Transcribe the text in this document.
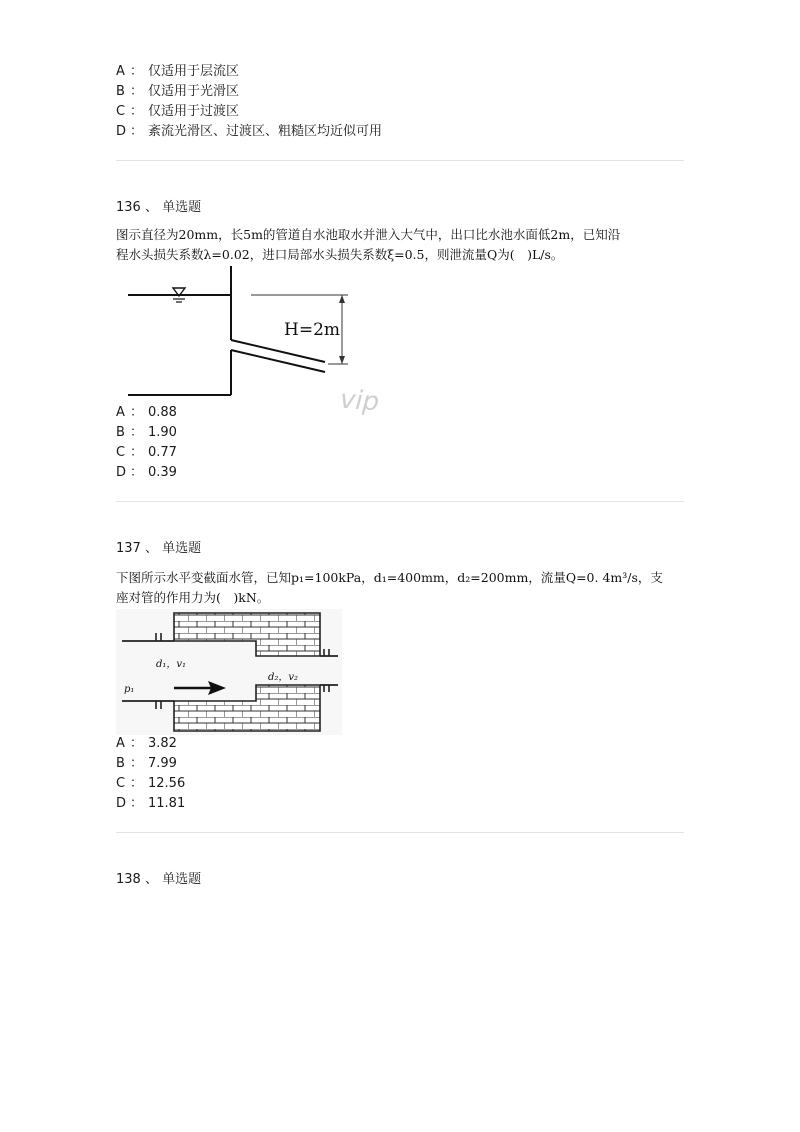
A ： 仅适用于层流区
B ： 仅适用于光滑区
C ： 仅适用于过渡区
D ： 紊流光滑区、过渡区、粗糙区均近似可用
136 、 单选题
图示直径为20mm，长5m的管道自水池取水并泄入大气中，出口比水池水面低2m，已知沿
程水头损失系数λ=0.02，进口局部水头损失系数ξ=0.5，则泄流量Q为(　)L/s。
H=2m
vip
A ： 0.88
B ： 1.90
C ： 0.77
D ： 0.39
137 、 单选题
下图所示水平变截面水管，已知p₁=100kPa，d₁=400mm，d₂=200mm，流量Q=0. 4m³/s，支
座对管的作用力为(　)kN。
d₁，v₁
p₁
d₂，v₂
A ： 3.82
B ： 7.99
C ： 12.56
D ： 11.81
138 、 单选题
